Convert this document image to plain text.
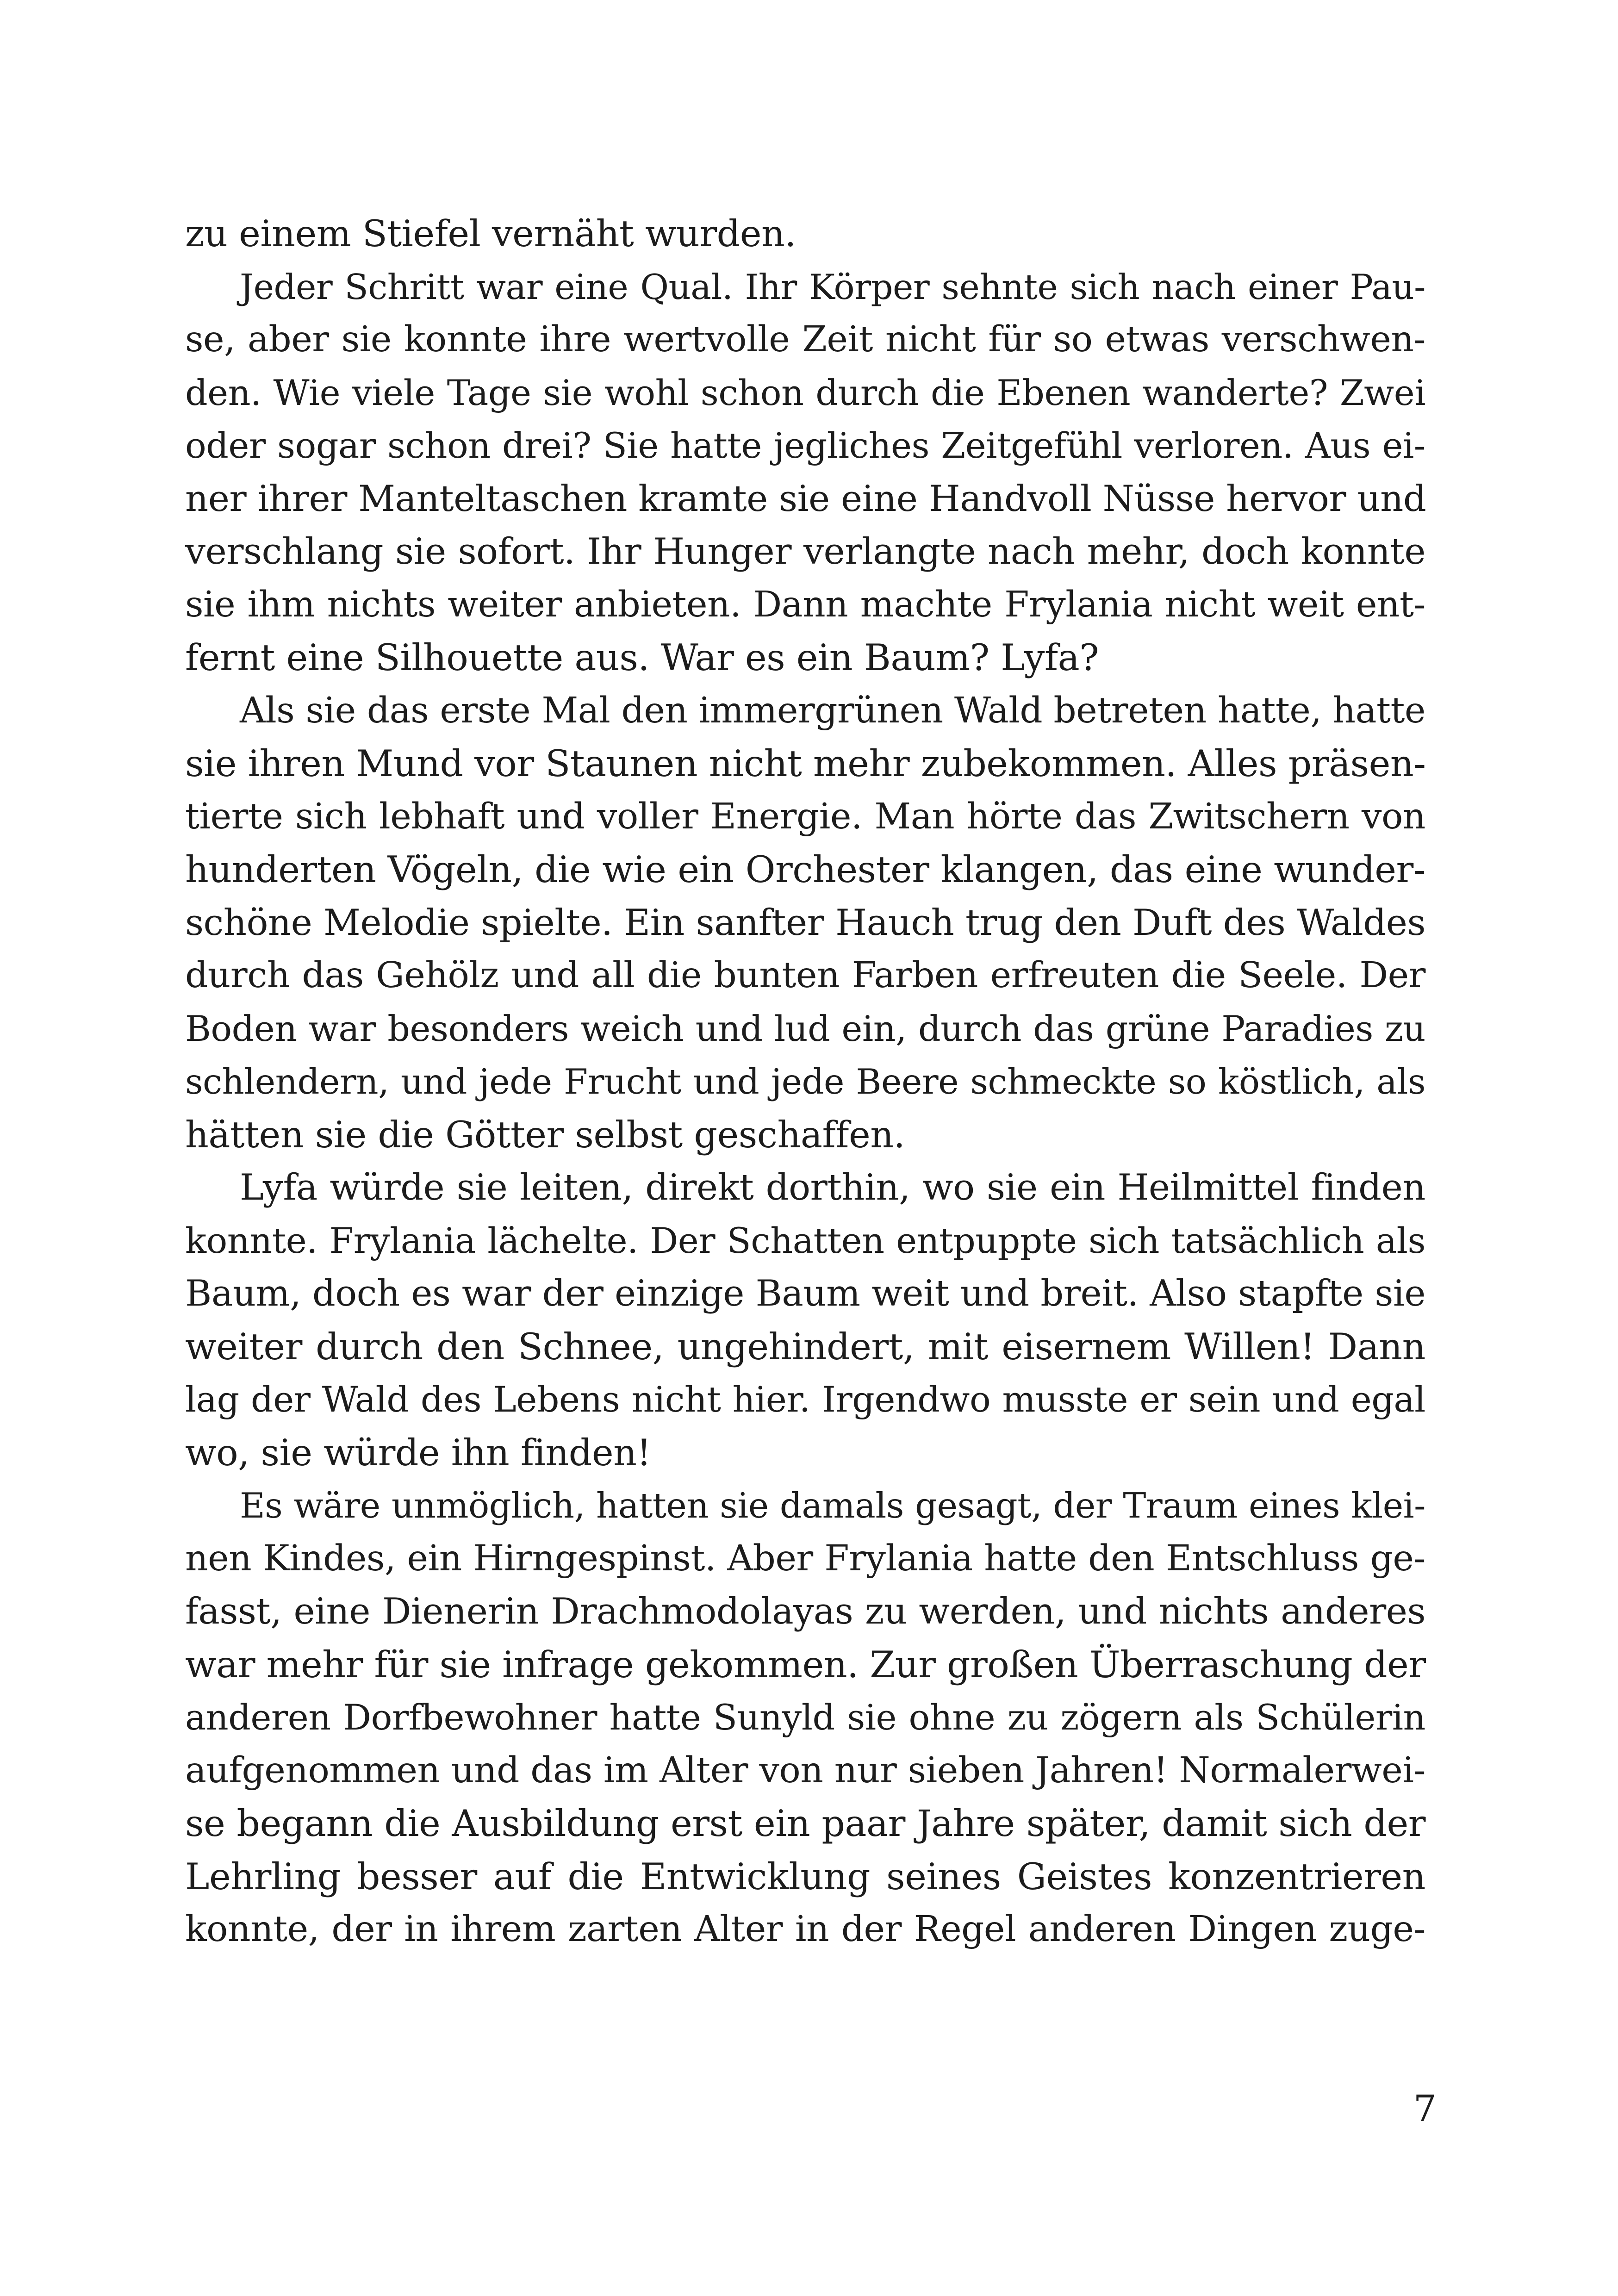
zu einem Stiefel vernäht wurden.
Jeder Schritt war eine Qual. Ihr Körper sehnte sich nach einer Pau-
se, aber sie konnte ihre wertvolle Zeit nicht für so etwas verschwen-
den. Wie viele Tage sie wohl schon durch die Ebenen wanderte? Zwei
oder sogar schon drei? Sie hatte jegliches Zeitgefühl verloren. Aus ei-
ner ihrer Manteltaschen kramte sie eine Handvoll Nüsse hervor und
verschlang sie sofort. Ihr Hunger verlangte nach mehr, doch konnte
sie ihm nichts weiter anbieten. Dann machte Frylania nicht weit ent-
fernt eine Silhouette aus. War es ein Baum? Lyfa?
Als sie das erste Mal den immergrünen Wald betreten hatte, hatte
sie ihren Mund vor Staunen nicht mehr zubekommen. Alles präsen-
tierte sich lebhaft und voller Energie. Man hörte das Zwitschern von
hunderten Vögeln, die wie ein Orchester klangen, das eine wunder-
schöne Melodie spielte. Ein sanfter Hauch trug den Duft des Waldes
durch das Gehölz und all die bunten Farben erfreuten die Seele. Der
Boden war besonders weich und lud ein, durch das grüne Paradies zu
schlendern, und jede Frucht und jede Beere schmeckte so köstlich, als
hätten sie die Götter selbst geschaffen.
Lyfa würde sie leiten, direkt dorthin, wo sie ein Heilmittel finden
konnte. Frylania lächelte. Der Schatten entpuppte sich tatsächlich als
Baum, doch es war der einzige Baum weit und breit. Also stapfte sie
weiter durch den Schnee, ungehindert, mit eisernem Willen! Dann
lag der Wald des Lebens nicht hier. Irgendwo musste er sein und egal
wo, sie würde ihn finden!
Es wäre unmöglich, hatten sie damals gesagt, der Traum eines klei-
nen Kindes, ein Hirngespinst. Aber Frylania hatte den Entschluss ge-
fasst, eine Dienerin Drachmodolayas zu werden, und nichts anderes
war mehr für sie infrage gekommen. Zur großen Überraschung der
anderen Dorfbewohner hatte Sunyld sie ohne zu zögern als Schülerin
aufgenommen und das im Alter von nur sieben Jahren! Normalerwei-
se begann die Ausbildung erst ein paar Jahre später, damit sich der
Lehrling besser auf die Entwicklung seines Geistes konzentrieren
konnte, der in ihrem zarten Alter in der Regel anderen Dingen zuge-
7
